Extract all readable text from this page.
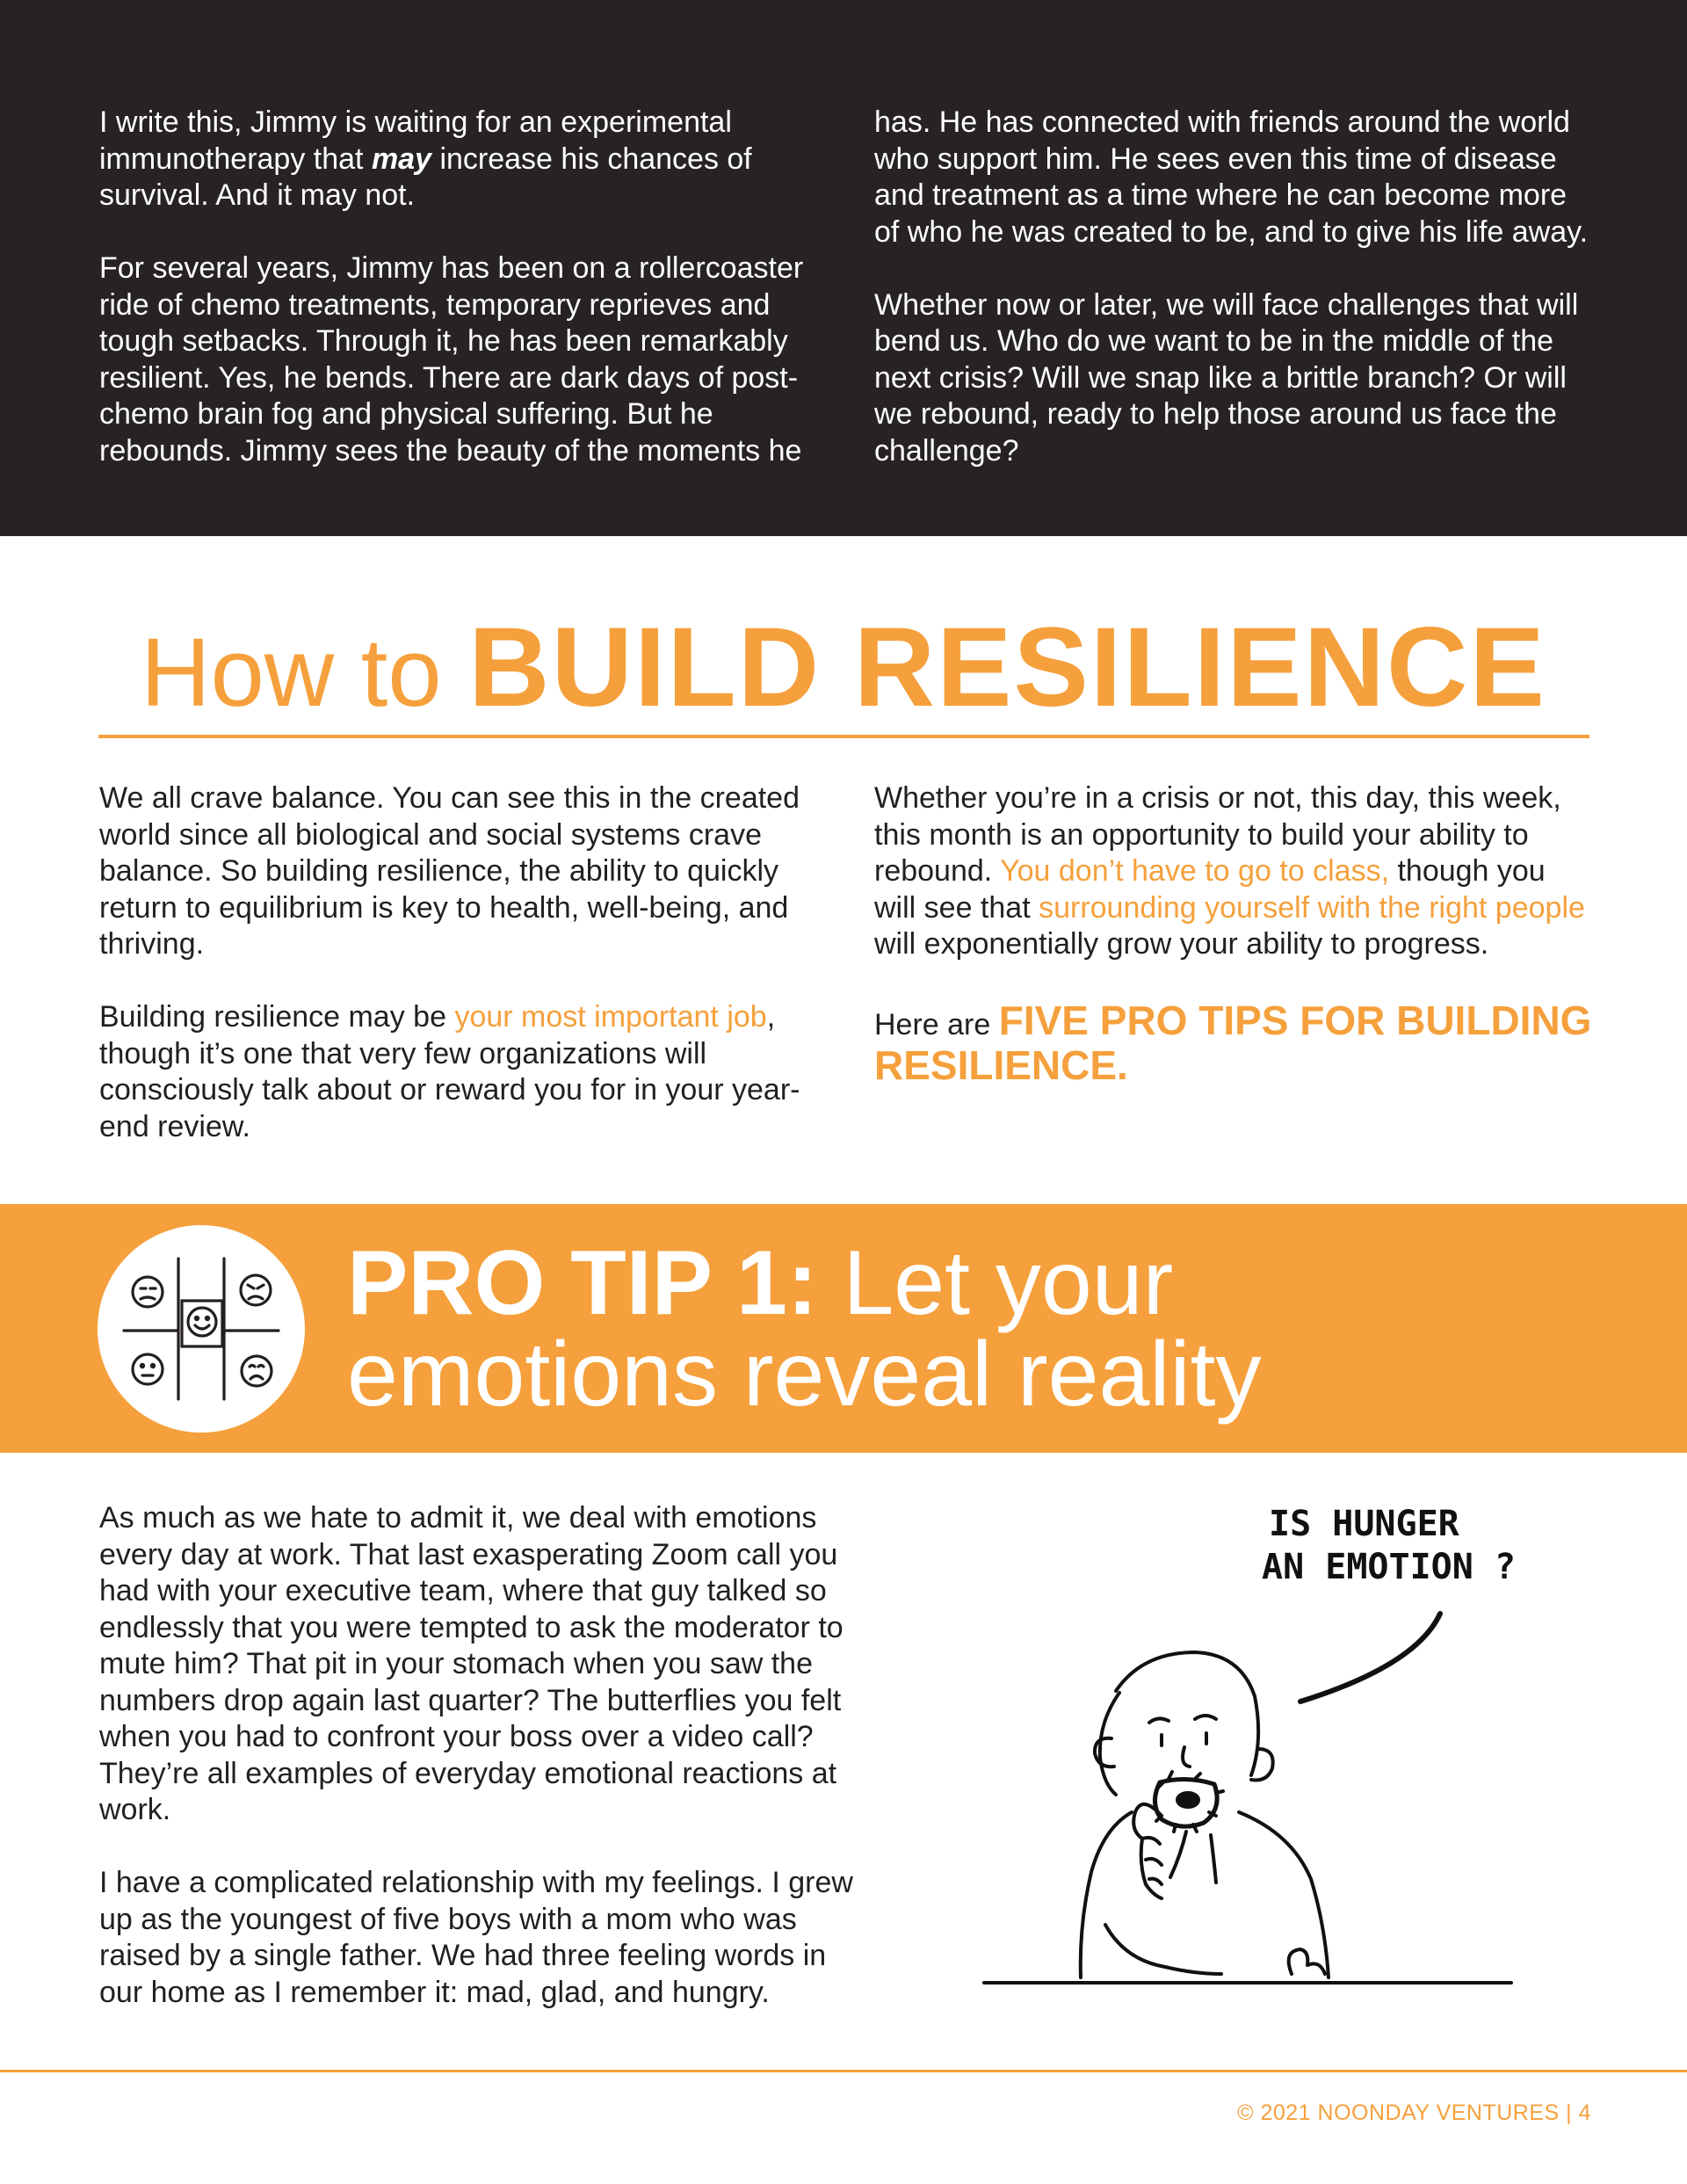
I write this, Jimmy is waiting for an experimental immunotherapy that may increase his chances of survival. And it may not.

For several years, Jimmy has been on a rollercoaster ride of chemo treatments, temporary reprieves and tough setbacks. Through it, he has been remarkably resilient. Yes, he bends. There are dark days of post-chemo brain fog and physical suffering. But he rebounds. Jimmy sees the beauty of the moments he

has. He has connected with friends around the world who support him. He sees even this time of disease and treatment as a time where he can become more of who he was created to be, and to give his life away.

Whether now or later, we will face challenges that will bend us. Who do we want to be in the middle of the next crisis? Will we snap like a brittle branch? Or will we rebound, ready to help those around us face the challenge?

How to BUILD RESILIENCE

We all crave balance. You can see this in the created world since all biological and social systems crave balance. So building resilience, the ability to quickly return to equilibrium is key to health, well-being, and thriving.

Building resilience may be your most important job, though it’s one that very few organizations will consciously talk about or reward you for in your year-end review.

Whether you’re in a crisis or not, this day, this week, this month is an opportunity to build your ability to rebound. You don’t have to go to class, though you will see that surrounding yourself with the right people will exponentially grow your ability to progress.

Here are FIVE PRO TIPS FOR BUILDING RESILIENCE.

PRO TIP 1: Let your
emotions reveal reality

As much as we hate to admit it, we deal with emotions every day at work. That last exasperating Zoom call you had with your executive team, where that guy talked so endlessly that you were tempted to ask the moderator to mute him? That pit in your stomach when you saw the numbers drop again last quarter? The butterflies you felt when you had to confront your boss over a video call? They’re all examples of everyday emotional reactions at work.

I have a complicated relationship with my feelings. I grew up as the youngest of five boys with a mom who was raised by a single father. We had three feeling words in our home as I remember it: mad, glad, and hungry.

IS HUNGER
AN EMOTION ?
© 2021 NOONDAY VENTURES | 4
